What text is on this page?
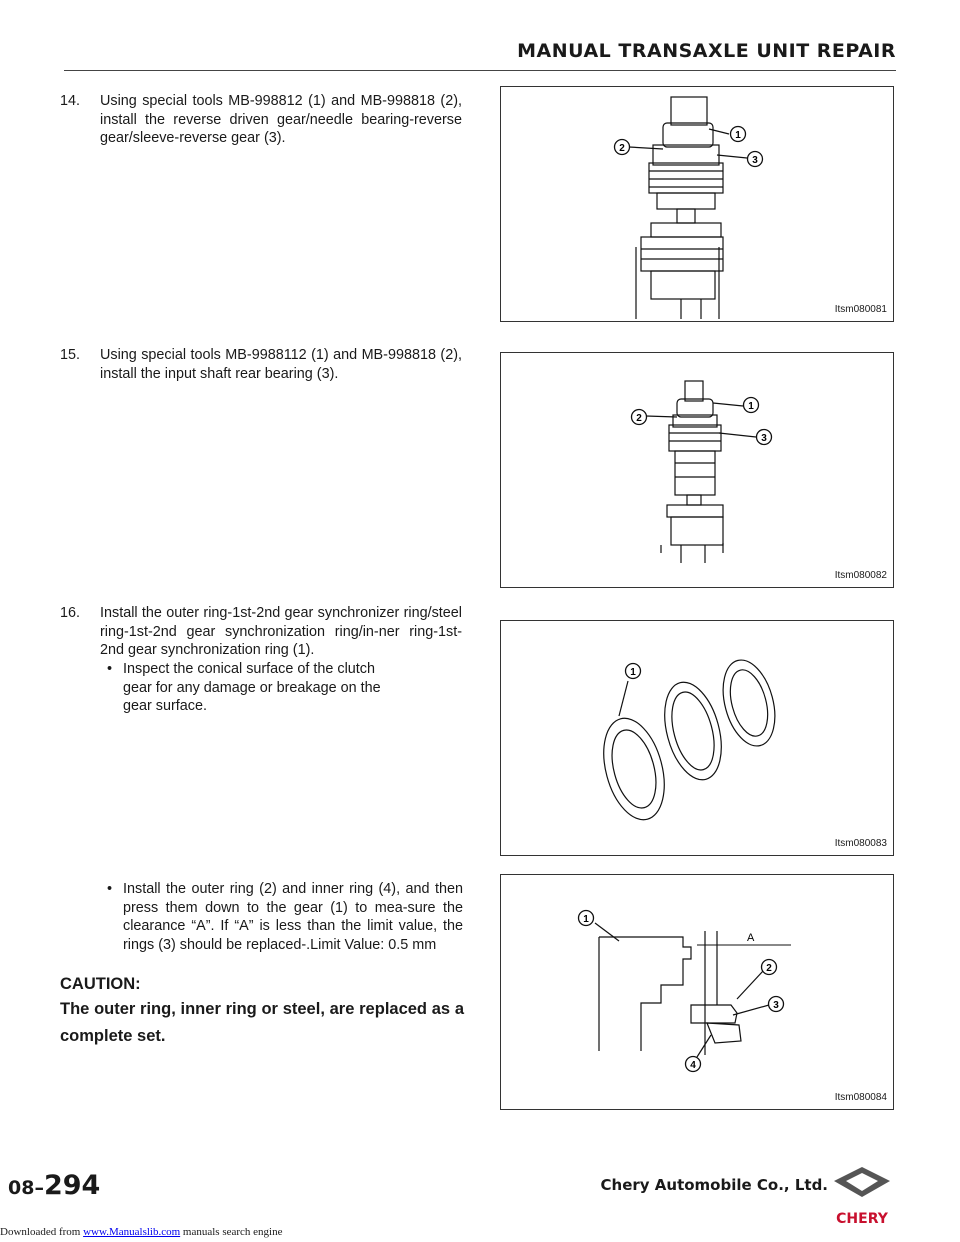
MANUAL TRANSAXLE UNIT REPAIR
14. Using special tools MB-998812 (1) and MB-998818 (2), install the reverse driven gear/needle bearing-reverse gear/sleeve-reverse gear (3).
15. Using special tools MB-9988112 (1) and MB-998818 (2), install the input shaft rear bearing (3).
16. Install the outer ring-1st-2nd gear synchronizer ring/steel ring-1st-2nd gear synchronization ring/in-ner ring-1st-2nd gear synchronization ring (1).
• Inspect the conical surface of the clutch gear for any damage or breakage on the gear surface.
• Install the outer ring (2) and inner ring (4), and then press them down to the gear (1) to mea-sure the clearance “A”. If “A” is less than the limit value, the rings (3) should be replaced-.Limit Value: 0.5 mm
CAUTION:
The outer ring, inner ring or steel, are replaced as a complete set.
2
1
3
Itsm080081
2
1
3
Itsm080082
1
Itsm080083
A
1
2
3
4
Itsm080084
08–294	Chery Automobile Co., Ltd.
CHERY
Downloaded from www.Manualslib.com manuals search engine
